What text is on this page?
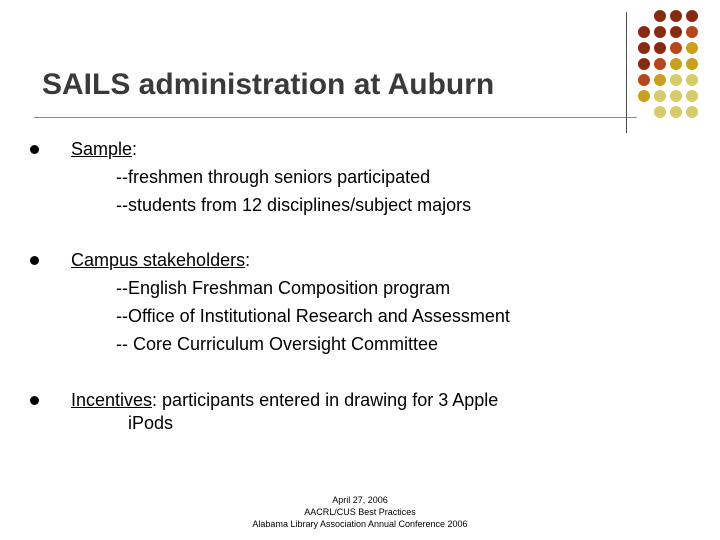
SAILS administration at Auburn
Sample:
--freshmen through seniors participated
--students from 12 disciplines/subject majors
Campus stakeholders:
--English Freshman Composition program
--Office of Institutional Research and Assessment
-- Core Curriculum Oversight Committee
Incentives: participants entered in drawing for 3 Apple
iPods
April 27, 2006
AACRL/CUS Best Practices
Alabama Library Association Annual Conference 2006
